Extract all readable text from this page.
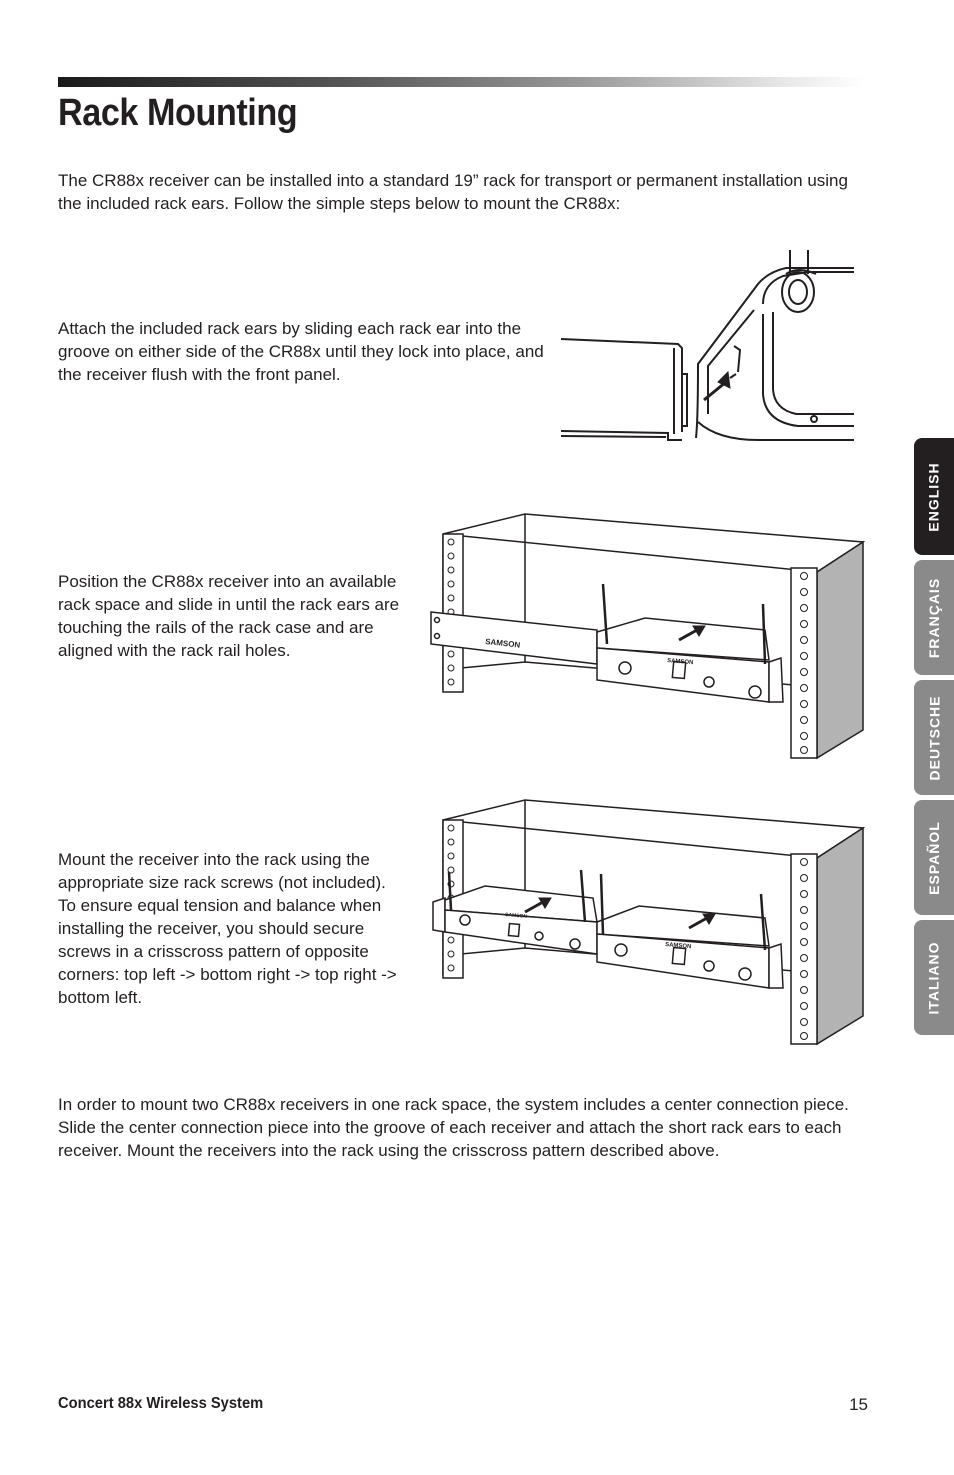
Rack Mounting

The CR88x receiver can be installed into a standard 19” rack for transport or permanent installation using the included rack ears. Follow the simple steps below to mount the CR88x:

Attach the included rack ears by sliding each rack ear into the groove on either side of the CR88x until they lock into place, and the receiver flush with the front panel.

Position the CR88x receiver into an available rack space and slide in until the rack ears are touching the rails of the rack case and are aligned with the rack rail holes.	SAMSON
SAMSON

Mount the receiver into the rack using the appropriate size rack screws (not included). To ensure equal tension and balance when installing the receiver, you should secure screws in a crisscross pattern of opposite corners: top left -> bottom right -> top right -> bottom left.

SAMSON
SAMSON

In order to mount two CR88x receivers in one rack space, the system includes a center connection piece. Slide the center connection piece into the groove of each receiver and attach the short rack ears to each receiver. Mount the receivers into the rack using the crisscross pattern described above.

ENGLISH
FRANÇAIS
DEUTSCHE
ESPAÑOL
ITALIANO
Concert 88x Wireless System	15
